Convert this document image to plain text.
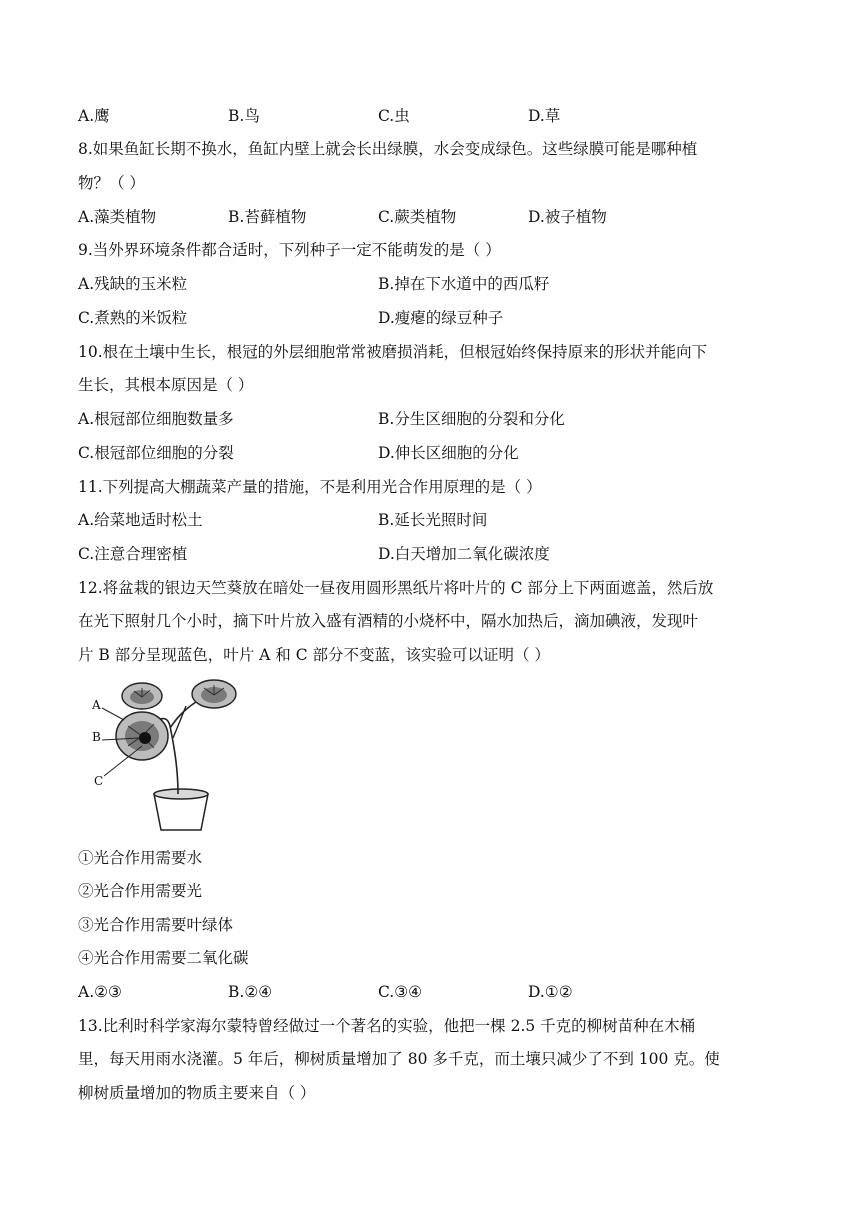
A.鹰	B.鸟	C.虫	D.草
8.如果鱼缸长期不换水，鱼缸内壁上就会长出绿膜，水会变成绿色。这些绿膜可能是哪种植
物？（ ）
A.藻类植物	B.苔藓植物	C.蕨类植物	D.被子植物
9.当外界环境条件都合适时，下列种子一定不能萌发的是（ ）
A.残缺的玉米粒	B.掉在下水道中的西瓜籽
C.煮熟的米饭粒	D.瘦瘪的绿豆种子
10.根在土壤中生长，根冠的外层细胞常常被磨损消耗，但根冠始终保持原来的形状并能向下
生长，其根本原因是（ ）
A.根冠部位细胞数量多	B.分生区细胞的分裂和分化
C.根冠部位细胞的分裂	D.伸长区细胞的分化
11.下列提高大棚蔬菜产量的措施，不是利用光合作用原理的是（ ）
A.给菜地适时松土	B.延长光照时间
C.注意合理密植	D.白天增加二氧化碳浓度
12.将盆栽的银边天竺葵放在暗处一昼夜用圆形黑纸片将叶片的 C 部分上下两面遮盖，然后放
在光下照射几个小时，摘下叶片放入盛有酒精的小烧杯中，隔水加热后，滴加碘液，发现叶
片 B 部分呈现蓝色，叶片 A 和 C 部分不变蓝，该实验可以证明（ ）
A
B
C
①光合作用需要水
②光合作用需要光
③光合作用需要叶绿体
④光合作用需要二氧化碳
A.②③	B.②④	C.③④	D.①②
13.比利时科学家海尔蒙特曾经做过一个著名的实验，他把一棵 2.5 千克的柳树苗种在木桶
里，每天用雨水浇灌。5 年后，柳树质量增加了 80 多千克，而土壤只减少了不到 100 克。使
柳树质量增加的物质主要来自（ ）
